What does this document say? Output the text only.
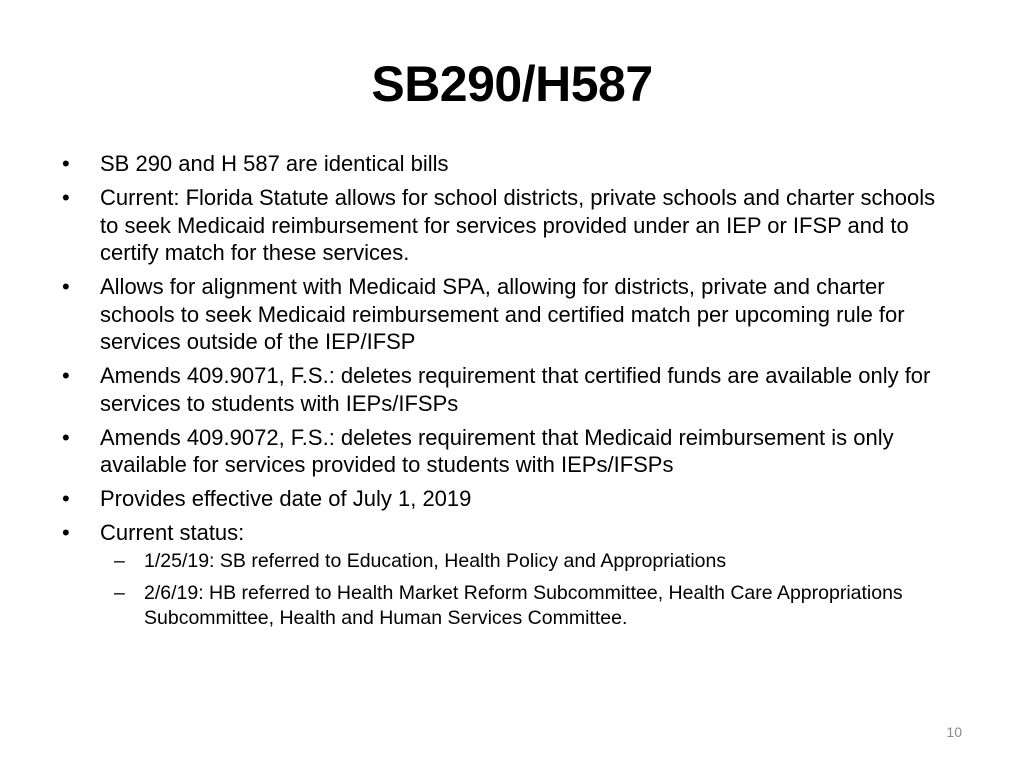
SB290/H587
• SB 290 and H 587 are identical bills
• Current: Florida Statute allows for school districts, private schools and charter schools to seek Medicaid reimbursement for services provided under an IEP or IFSP and to certify match for these services.
• Allows for alignment with Medicaid SPA, allowing for districts, private and charter schools to seek Medicaid reimbursement and certified match per upcoming rule for services outside of the IEP/IFSP
• Amends 409.9071, F.S.: deletes requirement that certified funds are available only for services to students with IEPs/IFSPs
• Amends 409.9072, F.S.: deletes requirement that Medicaid reimbursement is only available for services provided to students with IEPs/IFSPs
• Provides effective date of July 1, 2019
• Current status:
– 1/25/19: SB referred to Education, Health Policy and Appropriations
– 2/6/19: HB referred to Health Market Reform Subcommittee, Health Care Appropriations Subcommittee, Health and Human Services Committee.
10
